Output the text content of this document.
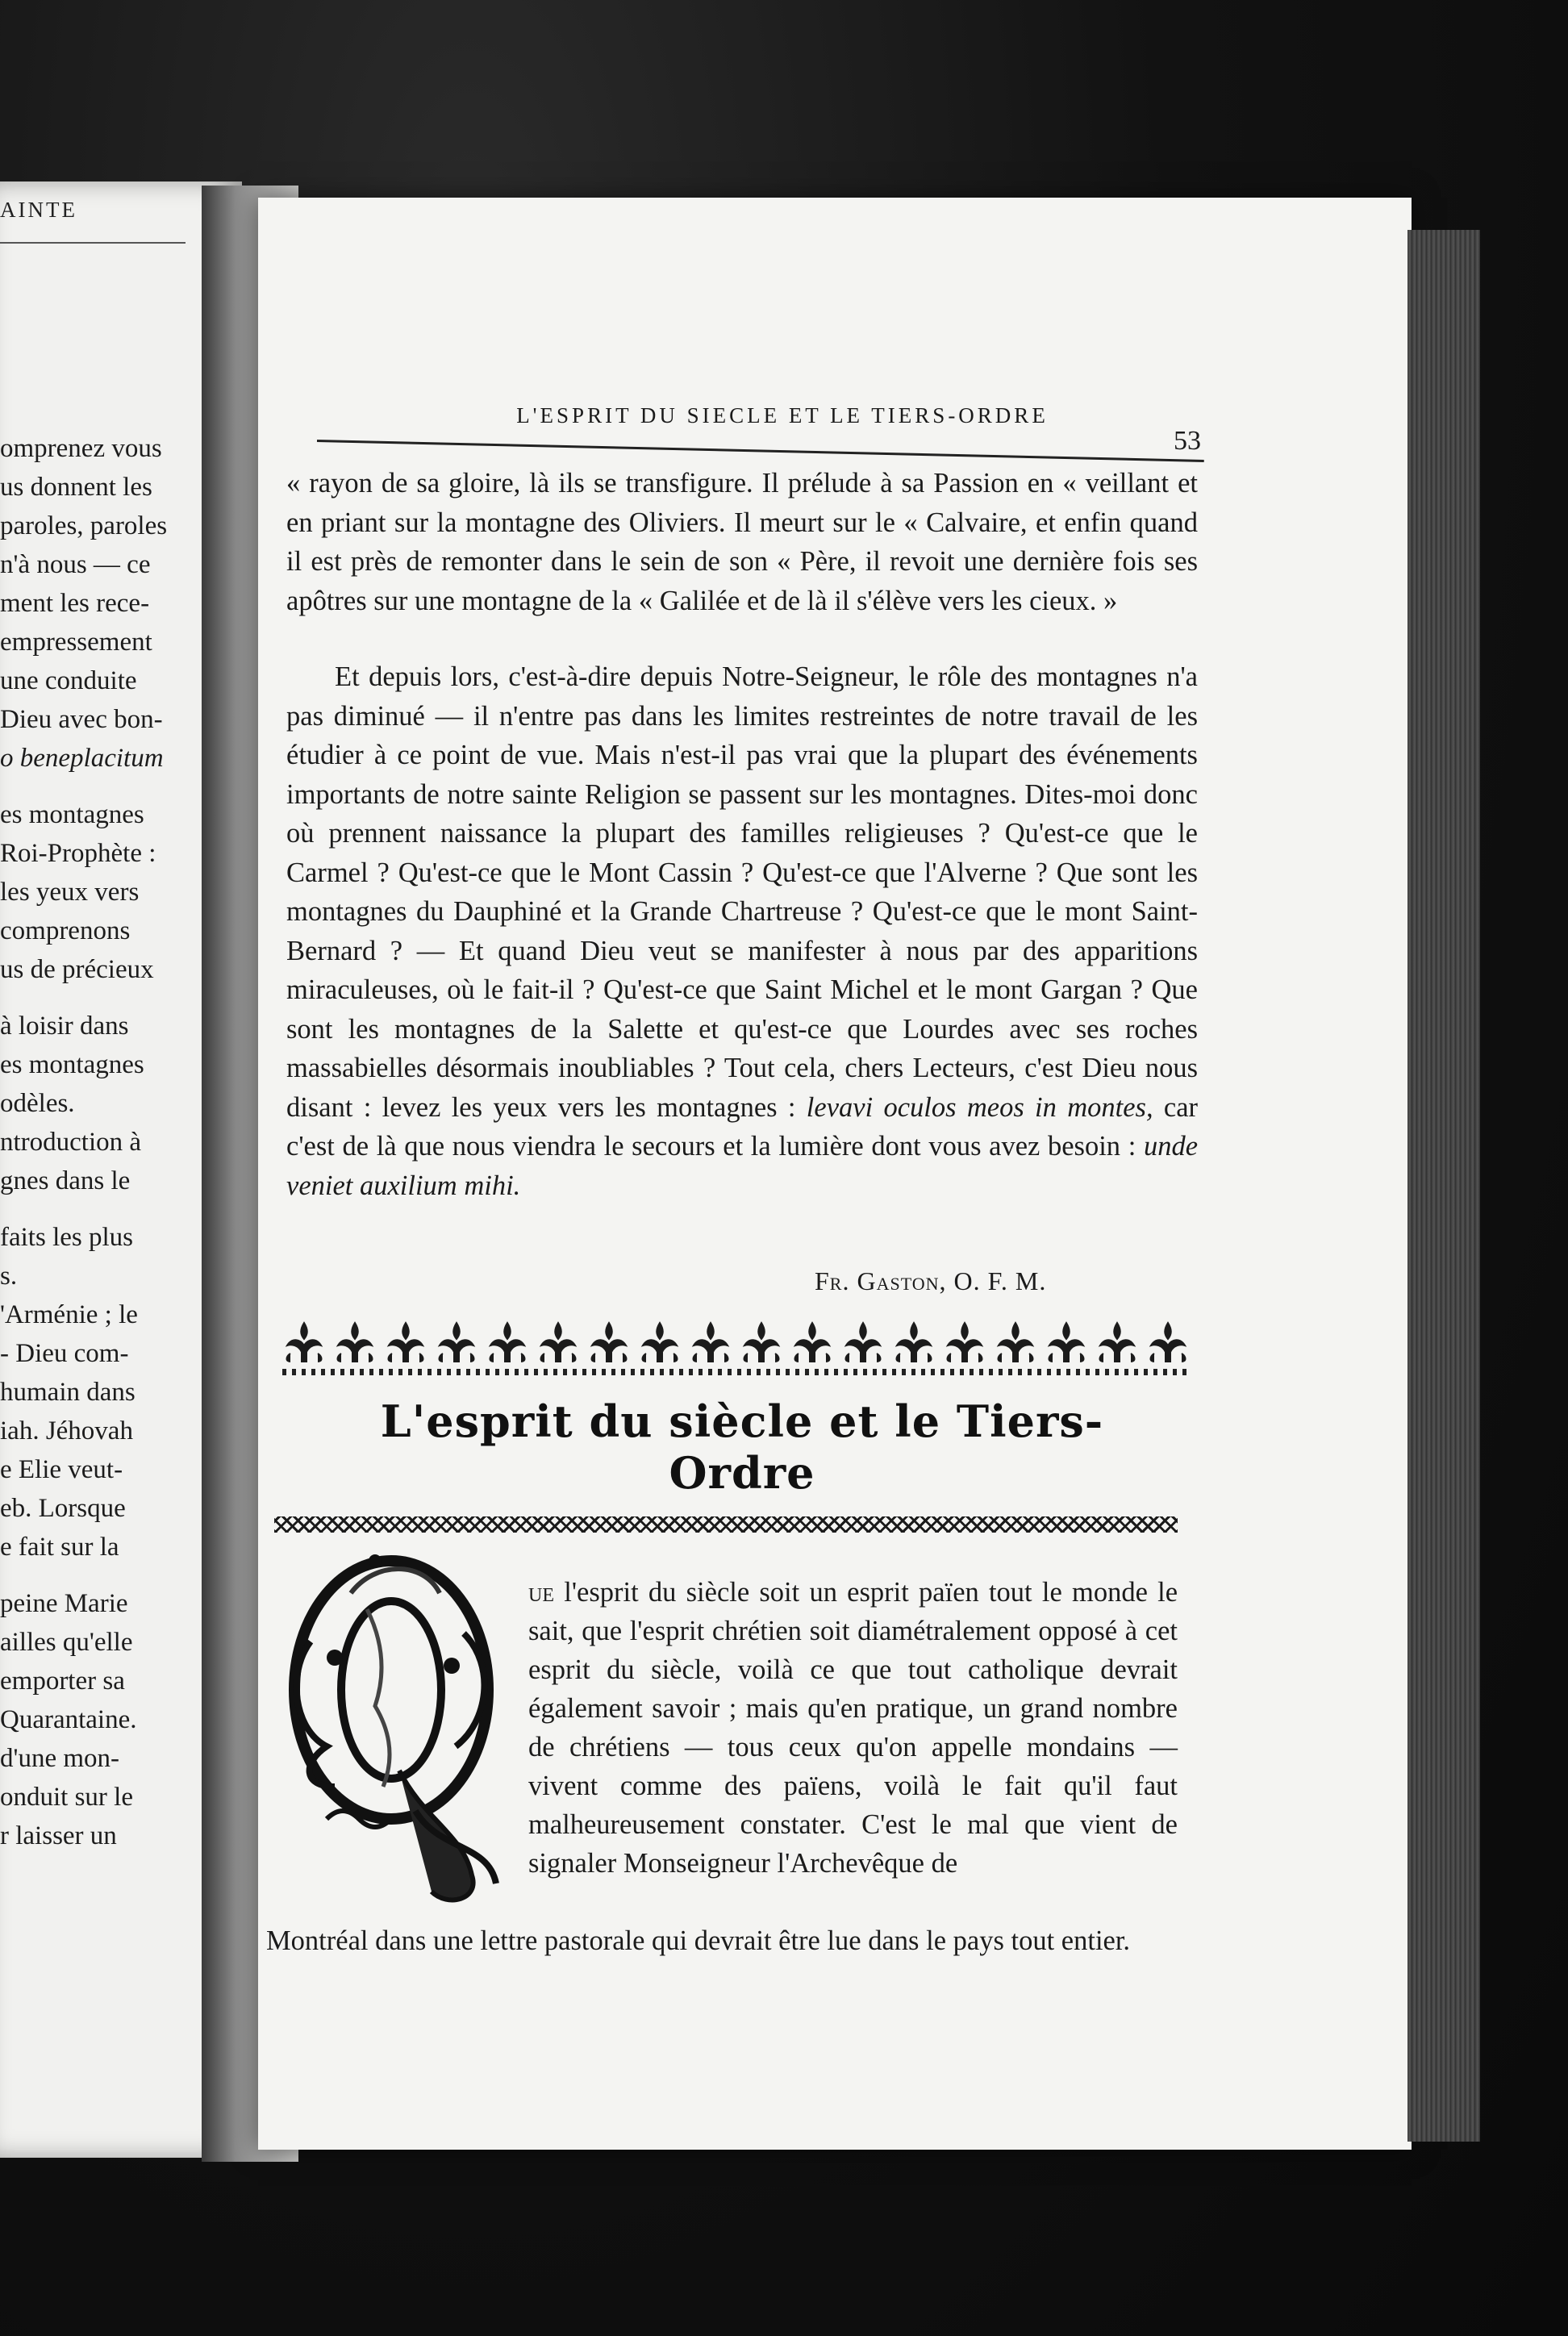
AINTE
omprenez vous
us donnent les
paroles, paroles
n'à nous — ce
ment les rece-
empressement
une conduite
Dieu avec bon-
o beneplacitum
es montagnes
Roi-Prophète :
les yeux vers
comprenons
us de précieux
à loisir dans
es montagnes
odèles.
ntroduction à
gnes dans le
faits les plus
s.
'Arménie ; le
- Dieu com-
humain dans
iah. Jéhovah
e Elie veut-
eb. Lorsque
e fait sur la
peine Marie
ailles qu'elle
emporter sa
Quarantaine.
d'une mon-
onduit sur le
r laisser un
L'ESPRIT DU SIECLE ET LE TIERS-ORDRE
53

« rayon de sa gloire, là ils se transfigure. Il prélude à sa Passion en « veillant et en priant sur la montagne des Oliviers. Il meurt sur le « Calvaire, et enfin quand il est près de remonter dans le sein de son « Père, il revoit une dernière fois ses apôtres sur une montagne de la « Galilée et de là il s'élève vers les cieux. »

Et depuis lors, c'est-à-dire depuis Notre-Seigneur, le rôle des montagnes n'a pas diminué — il n'entre pas dans les limites restreintes de notre travail de les étudier à ce point de vue. Mais n'est-il pas vrai que la plupart des événements importants de notre sainte Religion se passent sur les montagnes. Dites-moi donc où prennent naissance la plupart des familles religieuses ? Qu'est-ce que le Carmel ? Qu'est-ce que le Mont Cassin ? Qu'est-ce que l'Alverne ? Que sont les montagnes du Dauphiné et la Grande Chartreuse ? Qu'est-ce que le mont Saint-Bernard ? — Et quand Dieu veut se manifester à nous par des apparitions miraculeuses, où le fait-il ? Qu'est-ce que Saint Michel et le mont Gargan ? Que sont les montagnes de la Salette et qu'est-ce que Lourdes avec ses roches massabielles désormais inoubliables ? Tout cela, chers Lecteurs, c'est Dieu nous disant : levez les yeux vers les montagnes : levavi oculos meos in montes, car c'est de là que nous viendra le secours et la lumière dont vous avez besoin : unde veniet auxilium mihi.

Fr. Gaston, O. F. M.
L'esprit du siècle et le Tiers-Ordre

ue l'esprit du siècle soit un esprit païen tout le monde le sait, que l'esprit chrétien soit diamétralement opposé à cet esprit du siècle, voilà ce que tout catholique devrait également savoir ; mais qu'en pratique, un grand nombre de chrétiens — tous ceux qu'on appelle mondains — vivent comme des païens, voilà le fait qu'il faut malheureusement constater. C'est le mal que vient de signaler Monseigneur l'Archevêque de

Montréal dans une lettre pastorale qui devrait être lue dans le pays tout entier.
